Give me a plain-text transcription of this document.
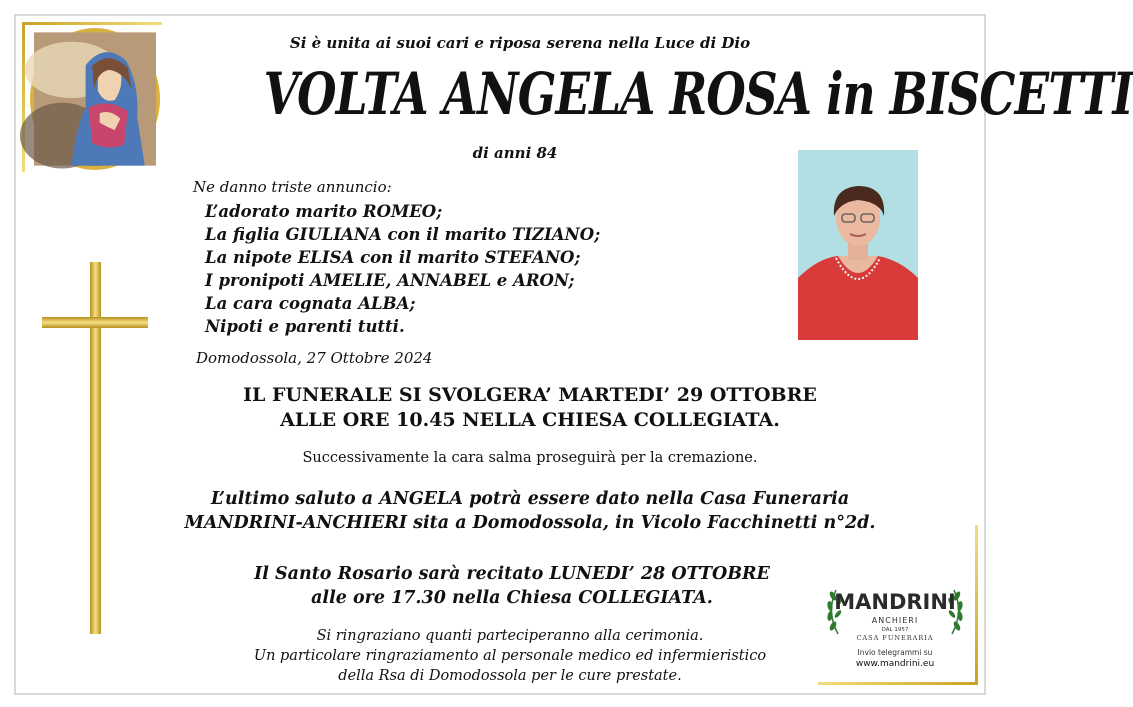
Si è unita ai suoi cari e riposa serena nella Luce di Dio
VOLTA ANGELA ROSA in BISCETTI
di anni 84
Ne danno triste annuncio:
L’adorato marito ROMEO;
La figlia GIULIANA con il marito TIZIANO;
La nipote ELISA con il marito STEFANO;
I pronipoti AMELIE, ANNABEL e ARON;
La cara cognata ALBA;
Nipoti e parenti tutti.
Domodossola, 27 Ottobre 2024
IL FUNERALE SI SVOLGERA’ MARTEDI’ 29 OTTOBRE
ALLE ORE 10.45 NELLA CHIESA COLLEGIATA.
Successivamente la cara salma proseguirà per la cremazione.
L’ultimo saluto a ANGELA potrà essere dato nella Casa Funeraria
MANDRINI-ANCHIERI sita a Domodossola, in Vicolo Facchinetti n°2d.
Il Santo Rosario sarà recitato LUNEDI’ 28 OTTOBRE
alle ore 17.30 nella Chiesa COLLEGIATA.
Si ringraziano quanti parteciperanno alla cerimonia.
Un particolare ringraziamento al personale medico ed infermieristico
della Rsa di Domodossola per le cure prestate.
MANDRINI
ANCHIERI
DAL 1957
CASA FUNERARIA
Invio telegrammi su
www.mandrini.eu
